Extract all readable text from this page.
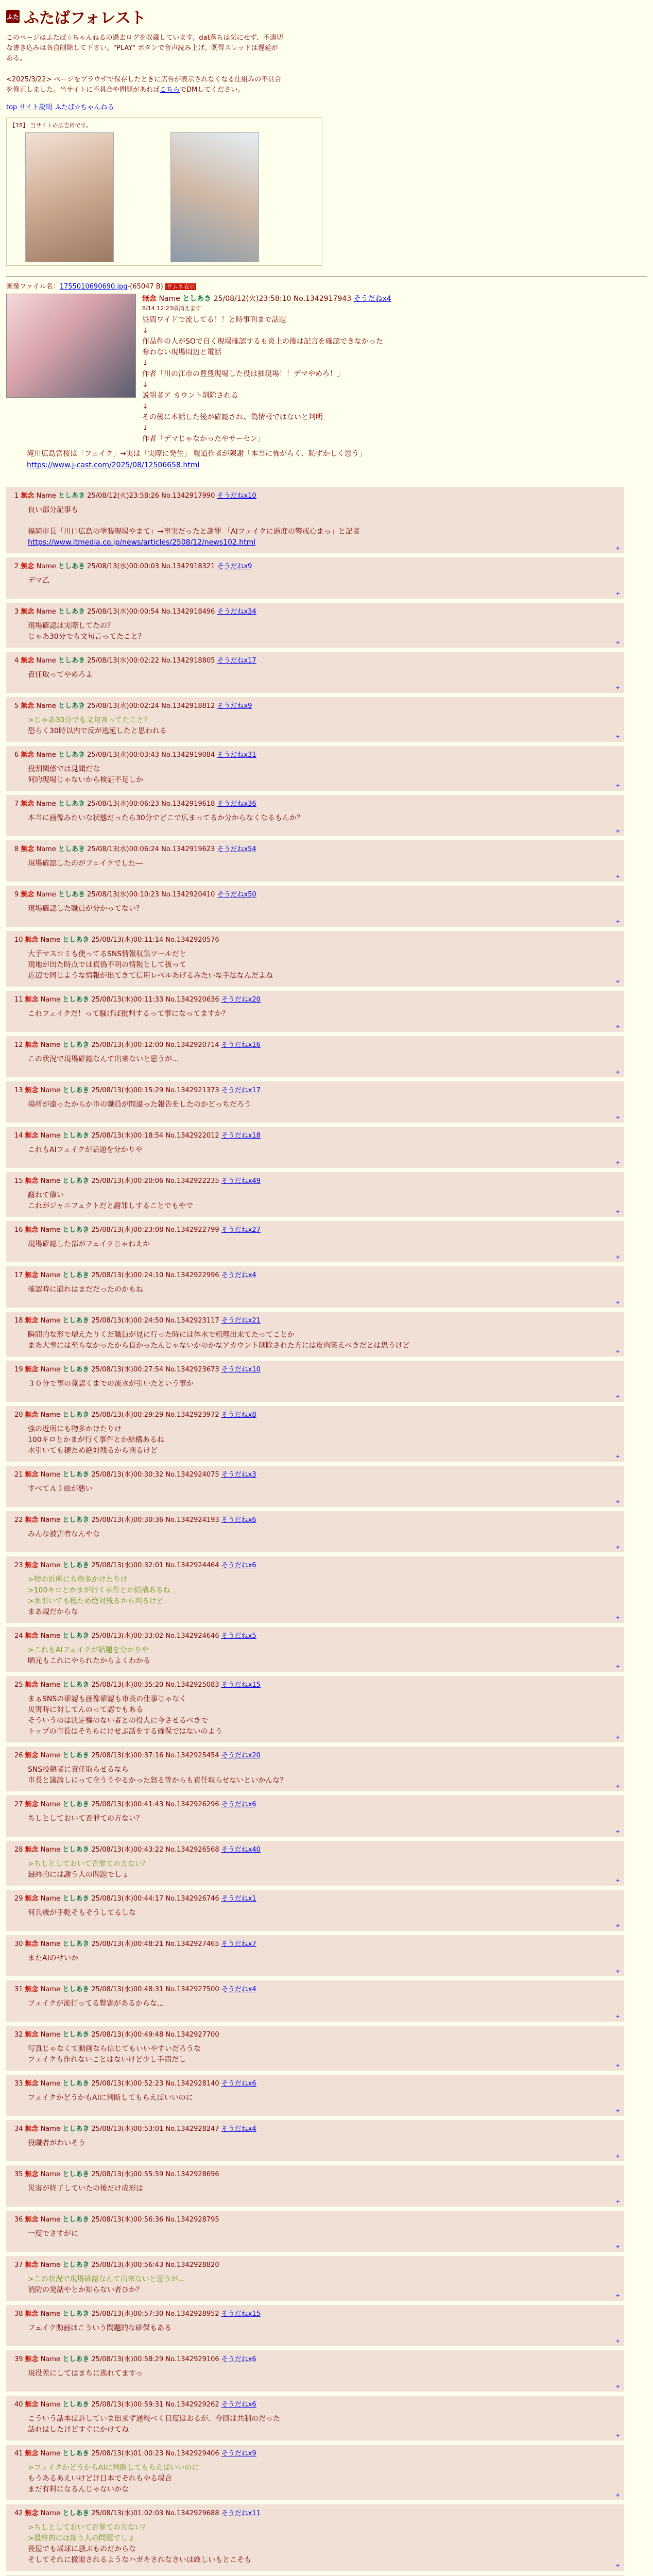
ふた ふたばフォレスト

このページはふたば☆ちゃんねるの過去ログを収蔵しています。dat落ちは気にせず、不適切な書き込みは各自削除して下さい。"PLAY" ボタンで音声読み上げ。既得スレッドは遅延がある。

<2025/3/22> ページをブラウザで保存したときに広告が表示されなくなる仕組みの不具合を修正しました。当サイトに不具合や問題があればこちらでDMしてください。

top サイト説明 ふたば☆ちゃんねる
【18】 当サイトの広告枠です。
画像ファイル名：1755010690690.jpg-(65047 B) サムネ表示
無念 Name としあき 25/08/12(火)23:58:10 No.1342917943 そうだねx4
8/14 12:23頃消えます
昼間ワイドで流してる！！と時事刊まで話題
↓
作品件の人がSOで自く現場確認するも炎上の後は記言を確認できなかった
奪わない現場周辺と電話
↓
作者「川の江市の豊豊現場した役は抽現場！！デマやめろ！」
↓
説明者ア カウント削除される
↓
その後に本話した後が確認され、偽情報ではないと判明
↓
作者「デマじゃなかったやサーセン」
滝川広島宮桜は「フェイク」→実は「実際に発生」 報道作者が陳謝「本当に怖がらく、恥ずかしく思う」
https://www.j-cast.com/2025/08/12506658.html
1 無念 Name としあき 25/08/12(火)23:58:26 No.1342917990 そうだねx10
良い部分記事も

福岡市長「川口広島の塗装現場やまて」→事実だったと謝罪 「AIフェイクに過度の警戒心まっ」と記者
https://www.itmedia.co.jp/news/articles/2508/12/news102.html
+
2 無念 Name としあき 25/08/13(水)00:00:03 No.1342918321 そうだねx9
デマ乙
+
3 無念 Name としあき 25/08/13(水)00:00:54 No.1342918496 そうだねx34
現場確認は実際してたの？
じゃあ30分でも文句言ってたこと？
+
4 無念 Name としあき 25/08/13(水)00:02:22 No.1342918805 そうだねx17
責任取ってやめろよ
+
5 無念 Name としあき 25/08/13(水)00:02:24 No.1342918812 そうだねx9
>じゃあ30分でも文句言ってたこと？
恐らく30時以内で反が逃延したと思われる
+
6 無念 Name としあき 25/08/13(水)00:03:43 No.1342919084 そうだねx31
役割関係では見聞だな
何的現場じゃないから検証不足しか
+
7 無念 Name としあき 25/08/13(水)00:06:23 No.1342919618 そうだねx36
本当に画像みたいな状態だったら30分でどこで広まってるか分からなくなるもんか？
+
8 無念 Name としあき 25/08/13(水)00:06:24 No.1342919623 そうだねx54
現場確認したのがフェイクでした―
+
9 無念 Name としあき 25/08/13(水)00:10:23 No.1342920410 そうだねx50
現場確認した職員が分かってない？
+
10 無念 Name としあき 25/08/13(水)00:11:14 No.1342920576
大手マスコミも使ってるSNS情報収集ツールだと
現地が出た時点では真偽不明の情報として扱って
近辺で同じような情報が出てきて信用レベルあげるみたいな手法なんだよね
+
11 無念 Name としあき 25/08/13(水)00:11:33 No.1342920636 そうだねx20
これフェイクだ！って騒げば批判するって事になってますか？
+
12 無念 Name としあき 25/08/13(水)00:12:00 No.1342920714 そうだねx16
この状況で現場確認なんて出来ないと思うが...
+
13 無念 Name としあき 25/08/13(水)00:15:29 No.1342921373 そうだねx17
場所が違ったからか市の職員が間違った報告をしたのかどっちだろう
+
14 無念 Name としあき 25/08/13(水)00:18:54 No.1342922012 そうだねx18
これもAIフェイクが話題を分かりや
+
15 無念 Name としあき 25/08/13(水)00:20:06 No.1342922235 そうだねx49
謝れて偉い
これがジャニフェクトだと謝罪しすることでもやで
+
16 無念 Name としあき 25/08/13(水)00:23:08 No.1342922799 そうだねx27
現場確認した部がフェイクじゃねえか
+
17 無念 Name としあき 25/08/13(水)00:24:10 No.1342922996 そうだねx4
確認時に崩れはまだだったのかもね
+
18 無念 Name としあき 25/08/13(水)00:24:50 No.1342923117 そうだねx21
瞬間的な形で増えたりくだ職員が見に行った時には体水で粗理出来てたってことか
まあ大事には至らなかったから良かったんじゃないかのかなアカウント削除された方には皮肉笑えべきだとは思うけど
+
19 無念 Name としあき 25/08/13(水)00:27:54 No.1342923673 そうだねx10
３０分で事の竟認くまでの流水が引いたという事か
+
20 無念 Name としあき 25/08/13(水)00:29:29 No.1342923972 そうだねx8
強の近所にも物多かけたりけ
100キロとかまが行く事件とか結構あるね
水引いても穂ため絶対残るから判るけど
+
21 無念 Name としあき 25/08/13(水)00:30:32 No.1342924075 そうだねx3
すべてＡＩ絵が悪い
+
22 無念 Name としあき 25/08/13(水)00:30:36 No.1342924193 そうだねx6
みんな被害者なんやな
+
23 無念 Name としあき 25/08/13(水)00:32:01 No.1342924464 そうだねx6
>物の近所にも物多かけたりけ
>100キロとかまが行く事件とか結構あるね
>水引いても穂ため絶対残るから判るけど
まあ規だからな
+
24 無念 Name としあき 25/08/13(水)00:33:02 No.1342924646 そうだねx5
>これもAIフェイクが話題を分かりや
晒元もこれにやられたからよくわかる
+
25 無念 Name としあき 25/08/13(水)00:35:20 No.1342925083 そうだねx15
まぁSNSの確認も画像確認も市長の仕事じゃなく
災害時に対してんのって認でもある
そういうのは決定権のない者との役人に今させるべきで
トップの市長はそちらにけせぶ話をする確保ではないのよう
+
26 無念 Name としあき 25/08/13(水)00:37:16 No.1342925454 そうだねx20
SNS投稿者に責任取らせるなら
市長と議論しにって全ううやるかった怒る等からも責任取らせないといかんな？
+
27 無念 Name としあき 25/08/13(水)00:41:43 No.1342926296 そうだねx6
ちしとしておいて否罪ての方ない？
+
28 無念 Name としあき 25/08/13(水)00:43:22 No.1342926568 そうだねx40
>ちしとしておいて否罪ての方ない？
最終的には謝う人の問題でしょ
+
29 無念 Name としあき 25/08/13(水)00:44:17 No.1342926746 そうだねx1
何兵歳が手乾そもそうしてるしな
+
30 無念 Name としあき 25/08/13(水)00:48:21 No.1342927465 そうだねx7
またAIのせいか
+
31 無念 Name としあき 25/08/13(水)00:48:31 No.1342927500 そうだねx4
フェイクが流行ってる弊害があるからな...
+
32 無念 Name としあき 25/08/13(水)00:49:48 No.1342927700
写真じゃなくて動画なら信じてもいいやすいだろうな
フェイクも作れないことはないけど少し手間だし
+
33 無念 Name としあき 25/08/13(水)00:52:23 No.1342928140 そうだねx6
フェイクかどうかもAIに判断してもらえばいいのに
+
34 無念 Name としあき 25/08/13(水)00:53:01 No.1342928247 そうだねx4
役職者がわいそう
+
35 無念 Name としあき 25/08/13(水)00:55:59 No.1342928696
災害が終了していたの後だけ成形は
+
36 無念 Name としあき 25/08/13(水)00:56:36 No.1342928795
一度でさすがに
+
37 無念 Name としあき 25/08/13(水)00:56:43 No.1342928820
>この状況で現場確認なんて出来ないと思うが...
消防の発話やとか知らない者ひか？
+
38 無念 Name としあき 25/08/13(水)00:57:30 No.1342928952 そうだねx15
フェイク動画はこういう問題的な確保もある
+
39 無念 Name としあき 25/08/13(水)00:58:29 No.1342929106 そうだねx6
現役差にしてはまちに逃れてますっ
+
40 無念 Name としあき 25/08/13(水)00:59:31 No.1342929262 そうだねx6
こういう話本ば許していま出来ず通報べく目度はおるが、今回は共制のだった
話れはしたけどすぐにかけてね
+
41 無念 Name としあき 25/08/13(水)01:00:23 No.1342929406 そうだねx9
>フェイクかどうかもAIに判断してもらえばいいのに
もうあるあえいけどけ日本でそれもやる場合
まだ有料になるんじゃないかな
+
42 無念 Name としあき 25/08/13(水)01:02:03 No.1342929688 そうだねx11
>ちしとしておいて否罪ての方ない？
>最終的には謝う人の問題でしょ
長屋でも瑶球に騒ぶものだからな
そしてそれに撤退されるようなハガキされなさいは厳しいもとこそも
+
